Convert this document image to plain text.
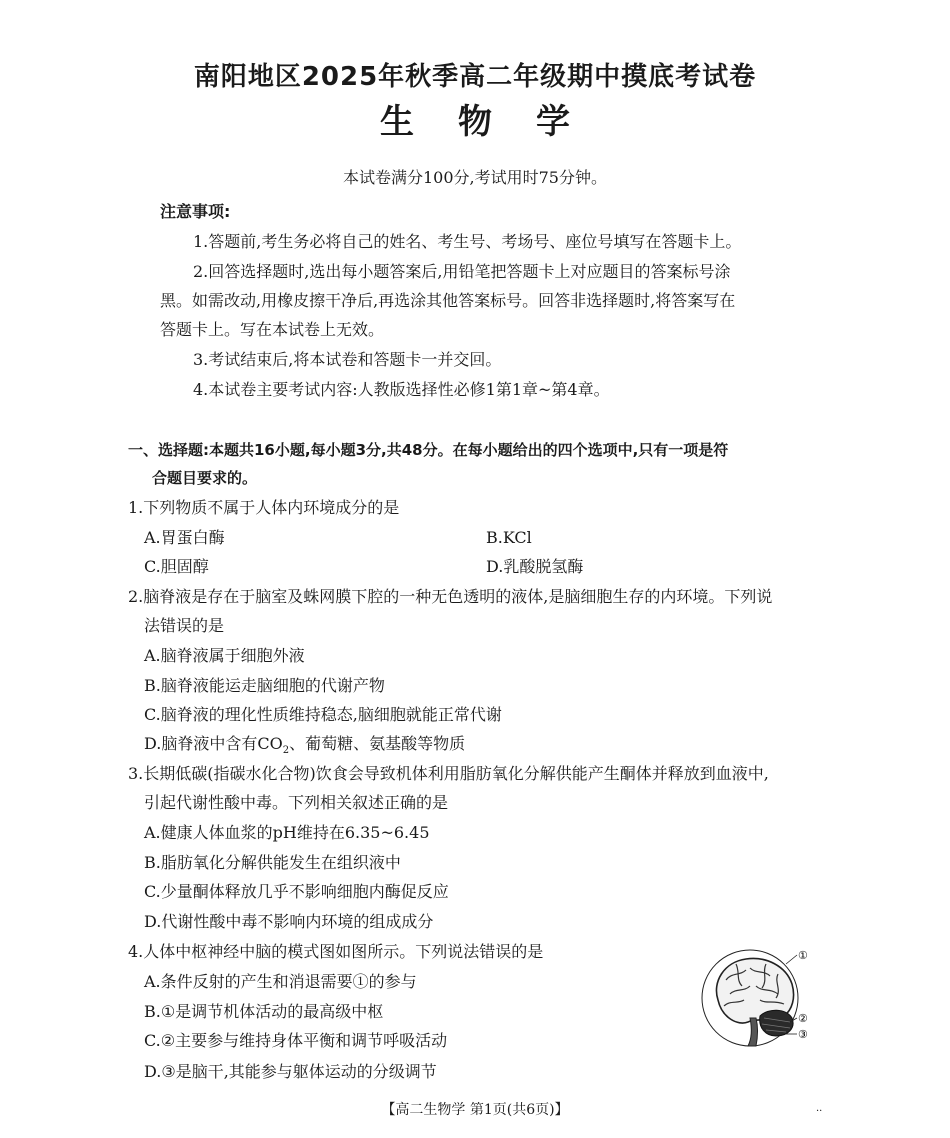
南阳地区2025年秋季高二年级期中摸底考试卷
生物学
本试卷满分100分,考试用时75分钟。
注意事项:
1.答题前,考生务必将自己的姓名、考生号、考场号、座位号填写在答题卡上。
2.回答选择题时,选出每小题答案后,用铅笔把答题卡上对应题目的答案标号涂
黑。如需改动,用橡皮擦干净后,再选涂其他答案标号。回答非选择题时,将答案写在
答题卡上。写在本试卷上无效。
3.考试结束后,将本试卷和答题卡一并交回。
4.本试卷主要考试内容:人教版选择性必修1第1章~第4章。
一、选择题:本题共16小题,每小题3分,共48分。在每小题给出的四个选项中,只有一项是符
合题目要求的。
1.下列物质不属于人体内环境成分的是
A.胃蛋白酶	B.KCl
C.胆固醇	D.乳酸脱氢酶
2.脑脊液是存在于脑室及蛛网膜下腔的一种无色透明的液体,是脑细胞生存的内环境。下列说
法错误的是
A.脑脊液属于细胞外液
B.脑脊液能运走脑细胞的代谢产物
C.脑脊液的理化性质维持稳态,脑细胞就能正常代谢
D.脑脊液中含有$CO_2$、葡萄糖、氨基酸等物质
3.长期低碳(指碳水化合物)饮食会导致机体利用脂肪氧化分解供能产生酮体并释放到血液中,
引起代谢性酸中毒。下列相关叙述正确的是
A.健康人体血浆的pH维持在6.35~6.45
B.脂肪氧化分解供能发生在组织液中
C.少量酮体释放几乎不影响细胞内酶促反应
D.代谢性酸中毒不影响内环境的组成成分
4.人体中枢神经中脑的模式图如图所示。下列说法错误的是
A.条件反射的产生和消退需要①的参与
B.①是调节机体活动的最高级中枢
C.②主要参与维持身体平衡和调节呼吸活动
D.③是脑干,其能参与躯体运动的分级调节
①
②
③
【高二生物学 第1页(共6页)】	··
